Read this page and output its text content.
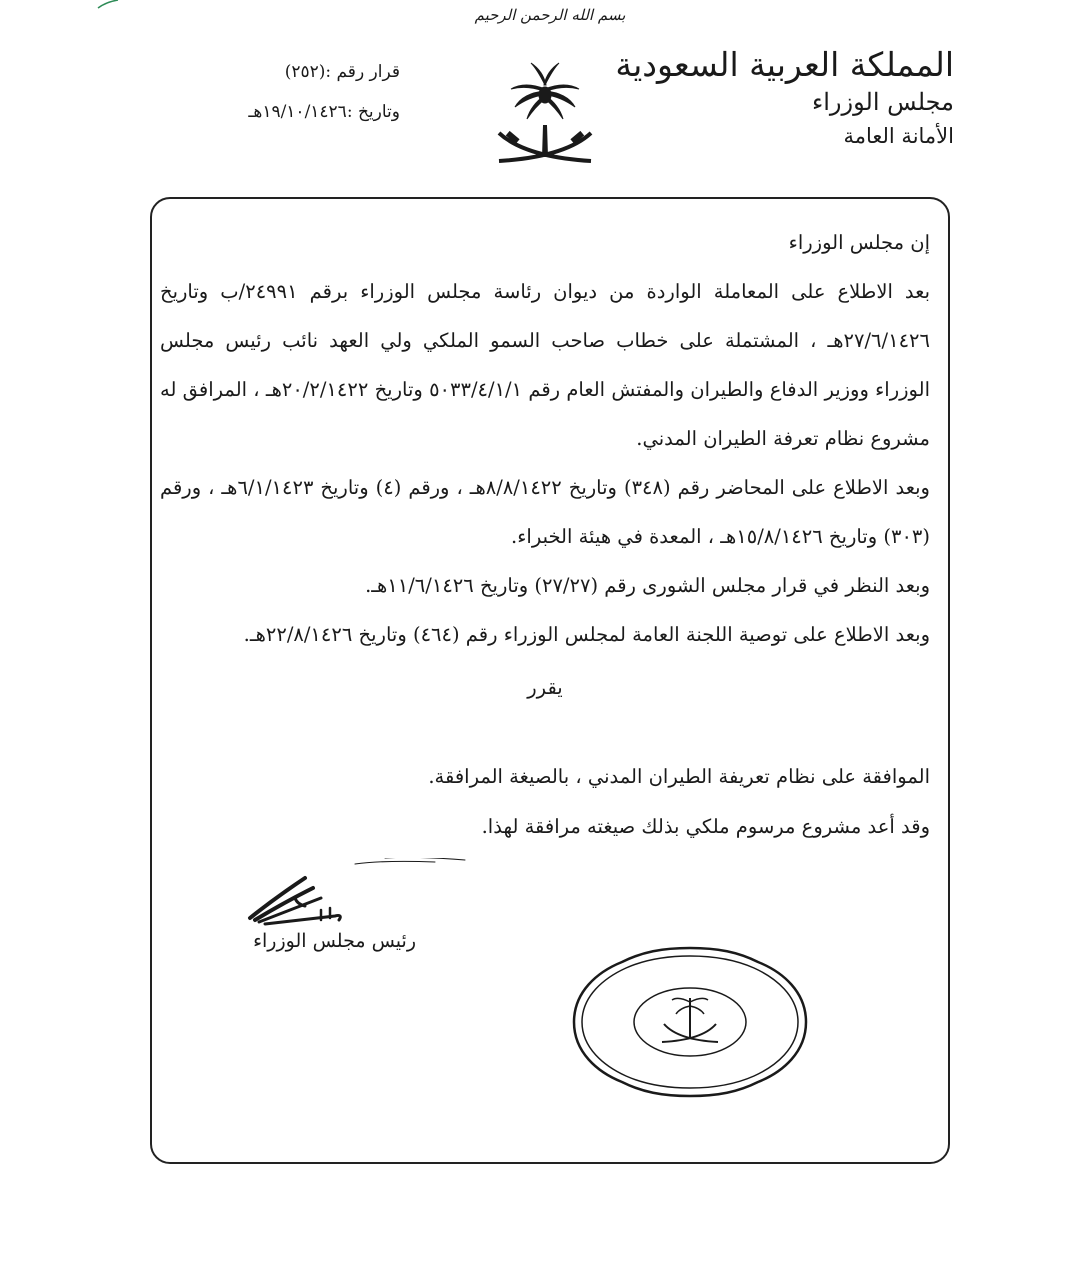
بسم الله الرحمن الرحيم
المملكة العربية السعودية
مجلس الوزراء
الأمانة العامة
قرار رقم :(٢٥٢)
وتاريخ :١٩/١٠/١٤٢٦هـ

إن مجلس الوزراء

بعد الاطلاع على المعاملة الواردة من ديوان رئاسة مجلس الوزراء برقم ٢٤٩٩١/ب وتاريخ ٢٧/٦/١٤٢٦هـ ، المشتملة على خطاب صاحب السمو الملكي ولي العهد نائب رئيس مجلس الوزراء ووزير الدفاع والطيران والمفتش العام رقم ٥٠٣٣/٤/١/١ وتاريخ ٢٠/٢/١٤٢٢هـ ، المرافق له مشروع نظام تعرفة الطيران المدني.

وبعد الاطلاع على المحاضر رقم (٣٤٨) وتاريخ ٨/٨/١٤٢٢هـ ، ورقم (٤) وتاريخ ٦/١/١٤٢٣هـ ، ورقم (٣٠٣) وتاريخ ١٥/٨/١٤٢٦هـ ، المعدة في هيئة الخبراء.

وبعد النظر في قرار مجلس الشورى رقم (٢٧/٢٧) وتاريخ ١١/٦/١٤٢٦هـ.

وبعد الاطلاع على توصية اللجنة العامة لمجلس الوزراء رقم (٤٦٤) وتاريخ ٢٢/٨/١٤٢٦هـ.

يقرر

الموافقة على نظام تعريفة الطيران المدني ، بالصيغة المرافقة.

وقد أعد مشروع مرسوم ملكي بذلك صيغته مرافقة لهذا.

رئيس مجلس الوزراء
